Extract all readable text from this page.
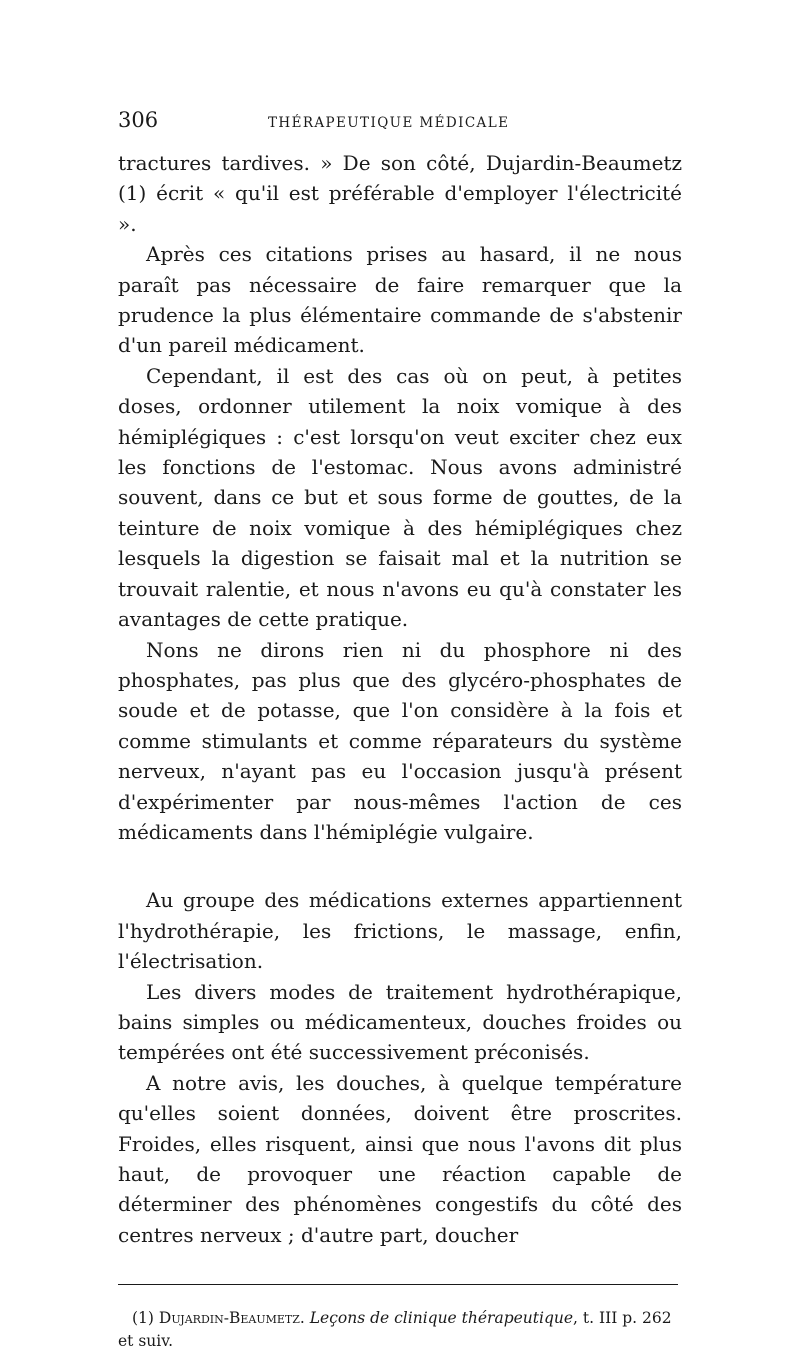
306	THÉRAPEUTIQUE MÉDICALE

tractures tardives. » De son côté, Dujardin-Beaumetz (1) écrit « qu'il est préférable d'employer l'électricité ».

Après ces citations prises au hasard, il ne nous paraît pas nécessaire de faire remarquer que la prudence la plus élémentaire commande de s'abstenir d'un pareil médicament.

Cependant, il est des cas où on peut, à petites doses, ordonner utilement la noix vomique à des hémiplégiques : c'est lorsqu'on veut exciter chez eux les fonctions de l'estomac. Nous avons administré souvent, dans ce but et sous forme de gouttes, de la teinture de noix vomique à des hémiplégiques chez lesquels la digestion se faisait mal et la nutrition se trouvait ralentie, et nous n'avons eu qu'à constater les avantages de cette pratique.

Nons ne dirons rien ni du phosphore ni des phosphates, pas plus que des glycéro-phosphates de soude et de potasse, que l'on considère à la fois et comme stimulants et comme réparateurs du système nerveux, n'ayant pas eu l'occasion jusqu'à présent d'expérimenter par nous-mêmes l'action de ces médicaments dans l'hémiplégie vulgaire.

Au groupe des médications externes appartiennent l'hydrothérapie, les frictions, le massage, enfin, l'électrisation.

Les divers modes de traitement hydrothérapique, bains simples ou médicamenteux, douches froides ou tempérées ont été successivement préconisés.

A notre avis, les douches, à quelque température qu'elles soient données, doivent être proscrites. Froides, elles risquent, ainsi que nous l'avons dit plus haut, de provoquer une réaction capable de déterminer des phénomènes congestifs du côté des centres nerveux ; d'autre part, doucher

(1) Dujardin-Beaumetz. Leçons de clinique thérapeutique, t. III p. 262 et suiv.
